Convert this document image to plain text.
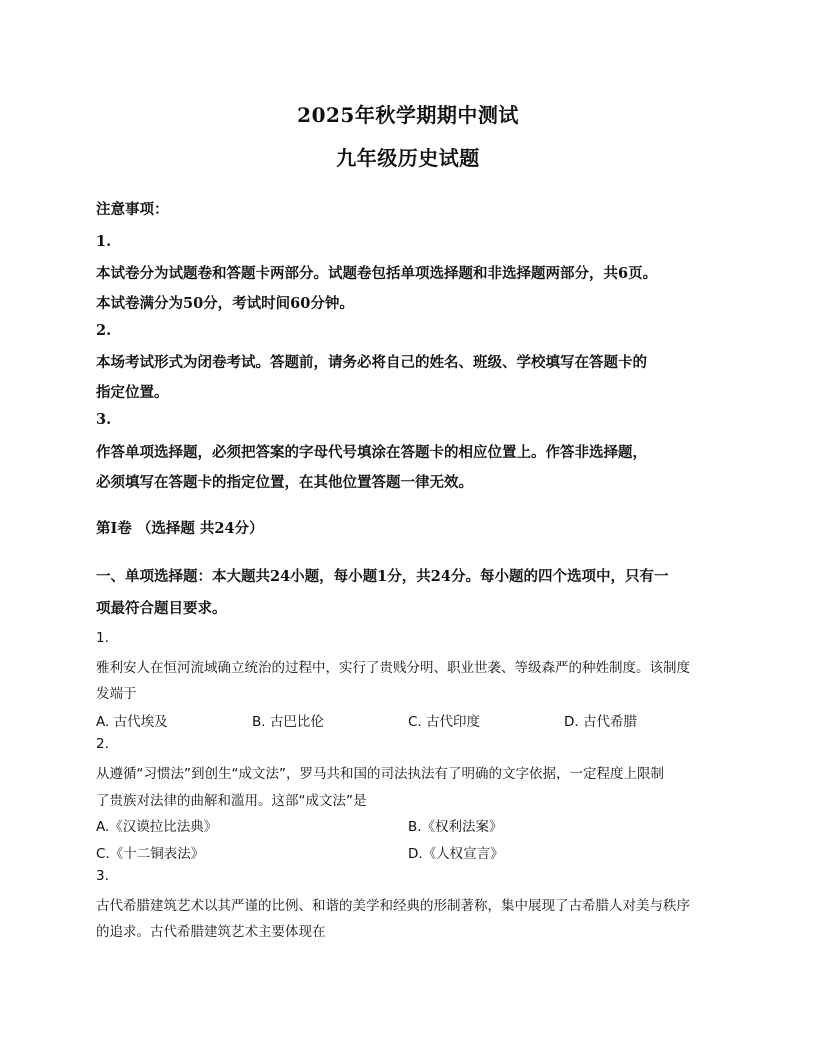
2025年秋学期期中测试
九年级历史试题
注意事项：
1.
本试卷分为试题卷和答题卡两部分。试题卷包括单项选择题和非选择题两部分，共6页。
本试卷满分为50分，考试时间60分钟。
2.
本场考试形式为闭卷考试。答题前，请务必将自己的姓名、班级、学校填写在答题卡的
指定位置。
3.
作答单项选择题，必须把答案的字母代号填涂在答题卡的相应位置上。作答非选择题，
必须填写在答题卡的指定位置，在其他位置答题一律无效。
第Ⅰ卷 （选择题 共24分）
一、单项选择题：本大题共24小题，每小题1分，共24分。每小题的四个选项中，只有一
项最符合题目要求。
1.
雅利安人在恒河流域确立统治的过程中，实行了贵贱分明、职业世袭、等级森严的种姓制度。该制度
发端于
A. 古代埃及	B. 古巴比伦	C. 古代印度	D. 古代希腊
2.
从遵循“习惯法”到创生“成文法”，罗马共和国的司法执法有了明确的文字依据，一定程度上限制
了贵族对法律的曲解和滥用。这部“成文法”是
A.《汉谟拉比法典》	B.《权利法案》
C.《十二铜表法》	D.《人权宣言》
3.
古代希腊建筑艺术以其严谨的比例、和谐的美学和经典的形制著称，集中展现了古希腊人对美与秩序
的追求。古代希腊建筑艺术主要体现在
